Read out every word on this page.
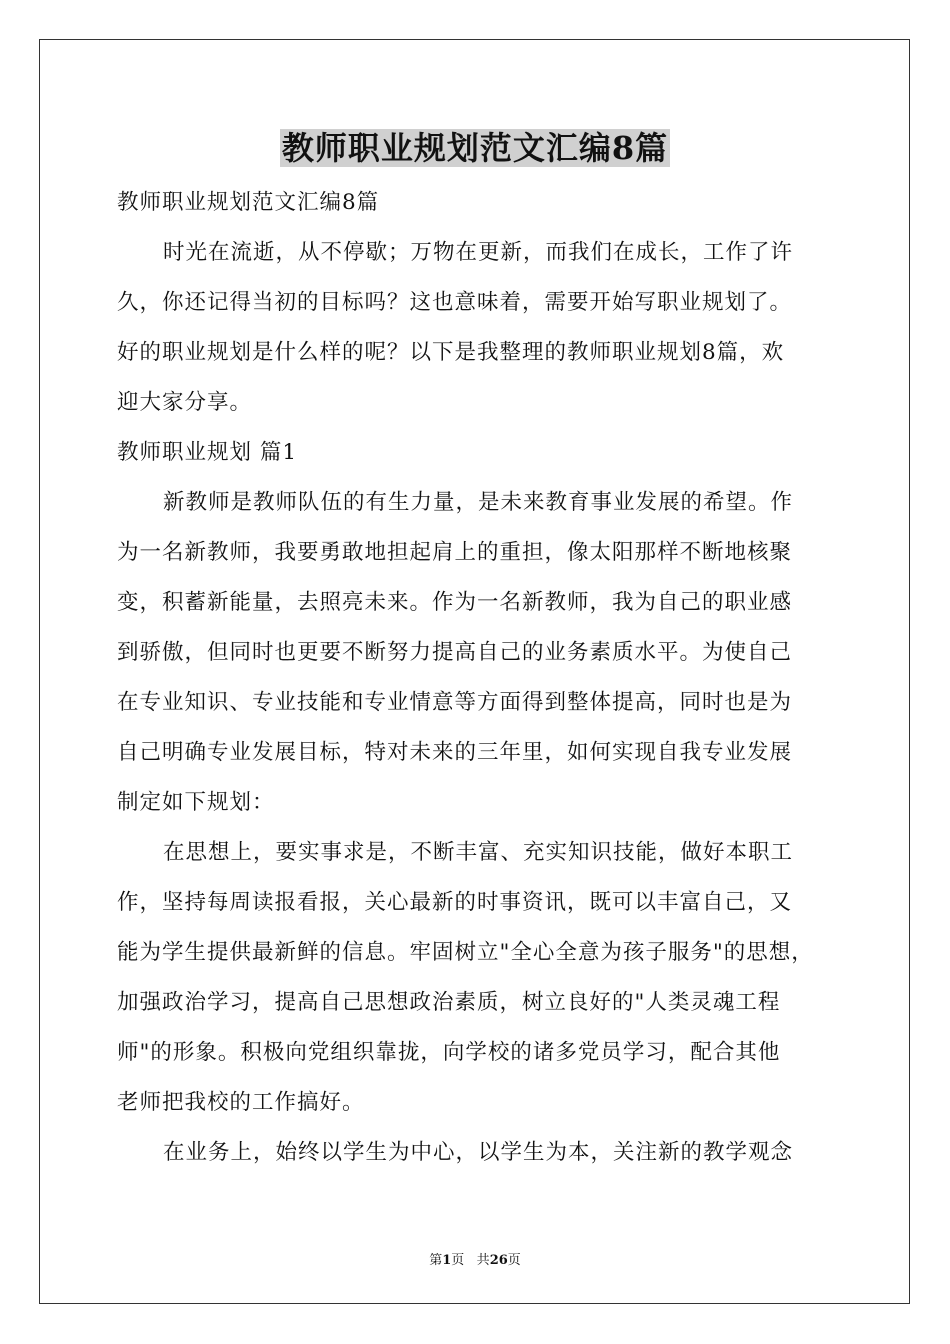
教师职业规划范文汇编8篇
教师职业规划范文汇编8篇
时光在流逝，从不停歇；万物在更新，而我们在成长，工作了许
久，你还记得当初的目标吗？这也意味着，需要开始写职业规划了。
好的职业规划是什么样的呢？以下是我整理的教师职业规划8篇，欢
迎大家分享。
教师职业规划 篇1
新教师是教师队伍的有生力量，是未来教育事业发展的希望。作
为一名新教师，我要勇敢地担起肩上的重担，像太阳那样不断地核聚
变，积蓄新能量，去照亮未来。作为一名新教师，我为自己的职业感
到骄傲，但同时也更要不断努力提高自己的业务素质水平。为使自己
在专业知识、专业技能和专业情意等方面得到整体提高，同时也是为
自己明确专业发展目标，特对未来的三年里，如何实现自我专业发展
制定如下规划：
在思想上，要实事求是，不断丰富、充实知识技能，做好本职工
作，坚持每周读报看报，关心最新的时事资讯，既可以丰富自己，又
能为学生提供最新鲜的信息。牢固树立"全心全意为孩子服务"的思想，
加强政治学习，提高自己思想政治素质，树立良好的"人类灵魂工程
师"的形象。积极向党组织靠拢，向学校的诸多党员学习，配合其他
老师把我校的工作搞好。
在业务上，始终以学生为中心，以学生为本，关注新的教学观念
第1页 共26页
